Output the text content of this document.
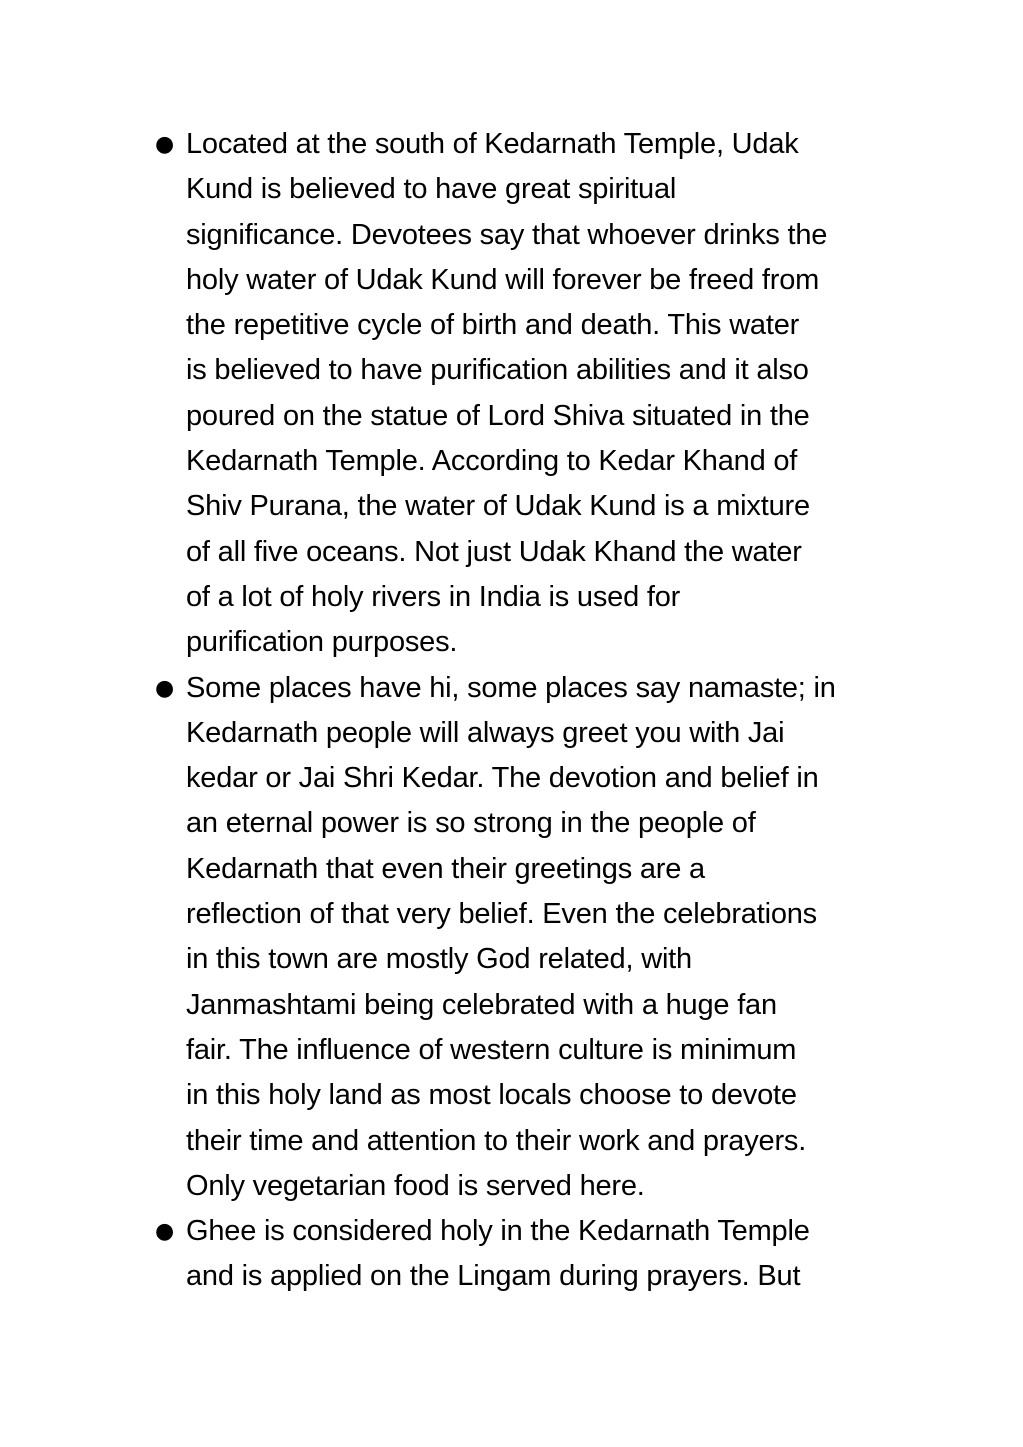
● Located at the south of Kedarnath Temple, Udak
Kund is believed to have great spiritual
significance. Devotees say that whoever drinks the
holy water of Udak Kund will forever be freed from
the repetitive cycle of birth and death. This water
is believed to have purification abilities and it also
poured on the statue of Lord Shiva situated in the
Kedarnath Temple. According to Kedar Khand of
Shiv Purana, the water of Udak Kund is a mixture
of all five oceans. Not just Udak Khand the water
of a lot of holy rivers in India is used for
purification purposes.
● Some places have hi, some places say namaste; in
Kedarnath people will always greet you with Jai
kedar or Jai Shri Kedar. The devotion and belief in
an eternal power is so strong in the people of
Kedarnath that even their greetings are a
reflection of that very belief. Even the celebrations
in this town are mostly God related, with
Janmashtami being celebrated with a huge fan
fair. The influence of western culture is minimum
in this holy land as most locals choose to devote
their time and attention to their work and prayers.
Only vegetarian food is served here.
● Ghee is considered holy in the Kedarnath Temple
and is applied on the Lingam during prayers. But
